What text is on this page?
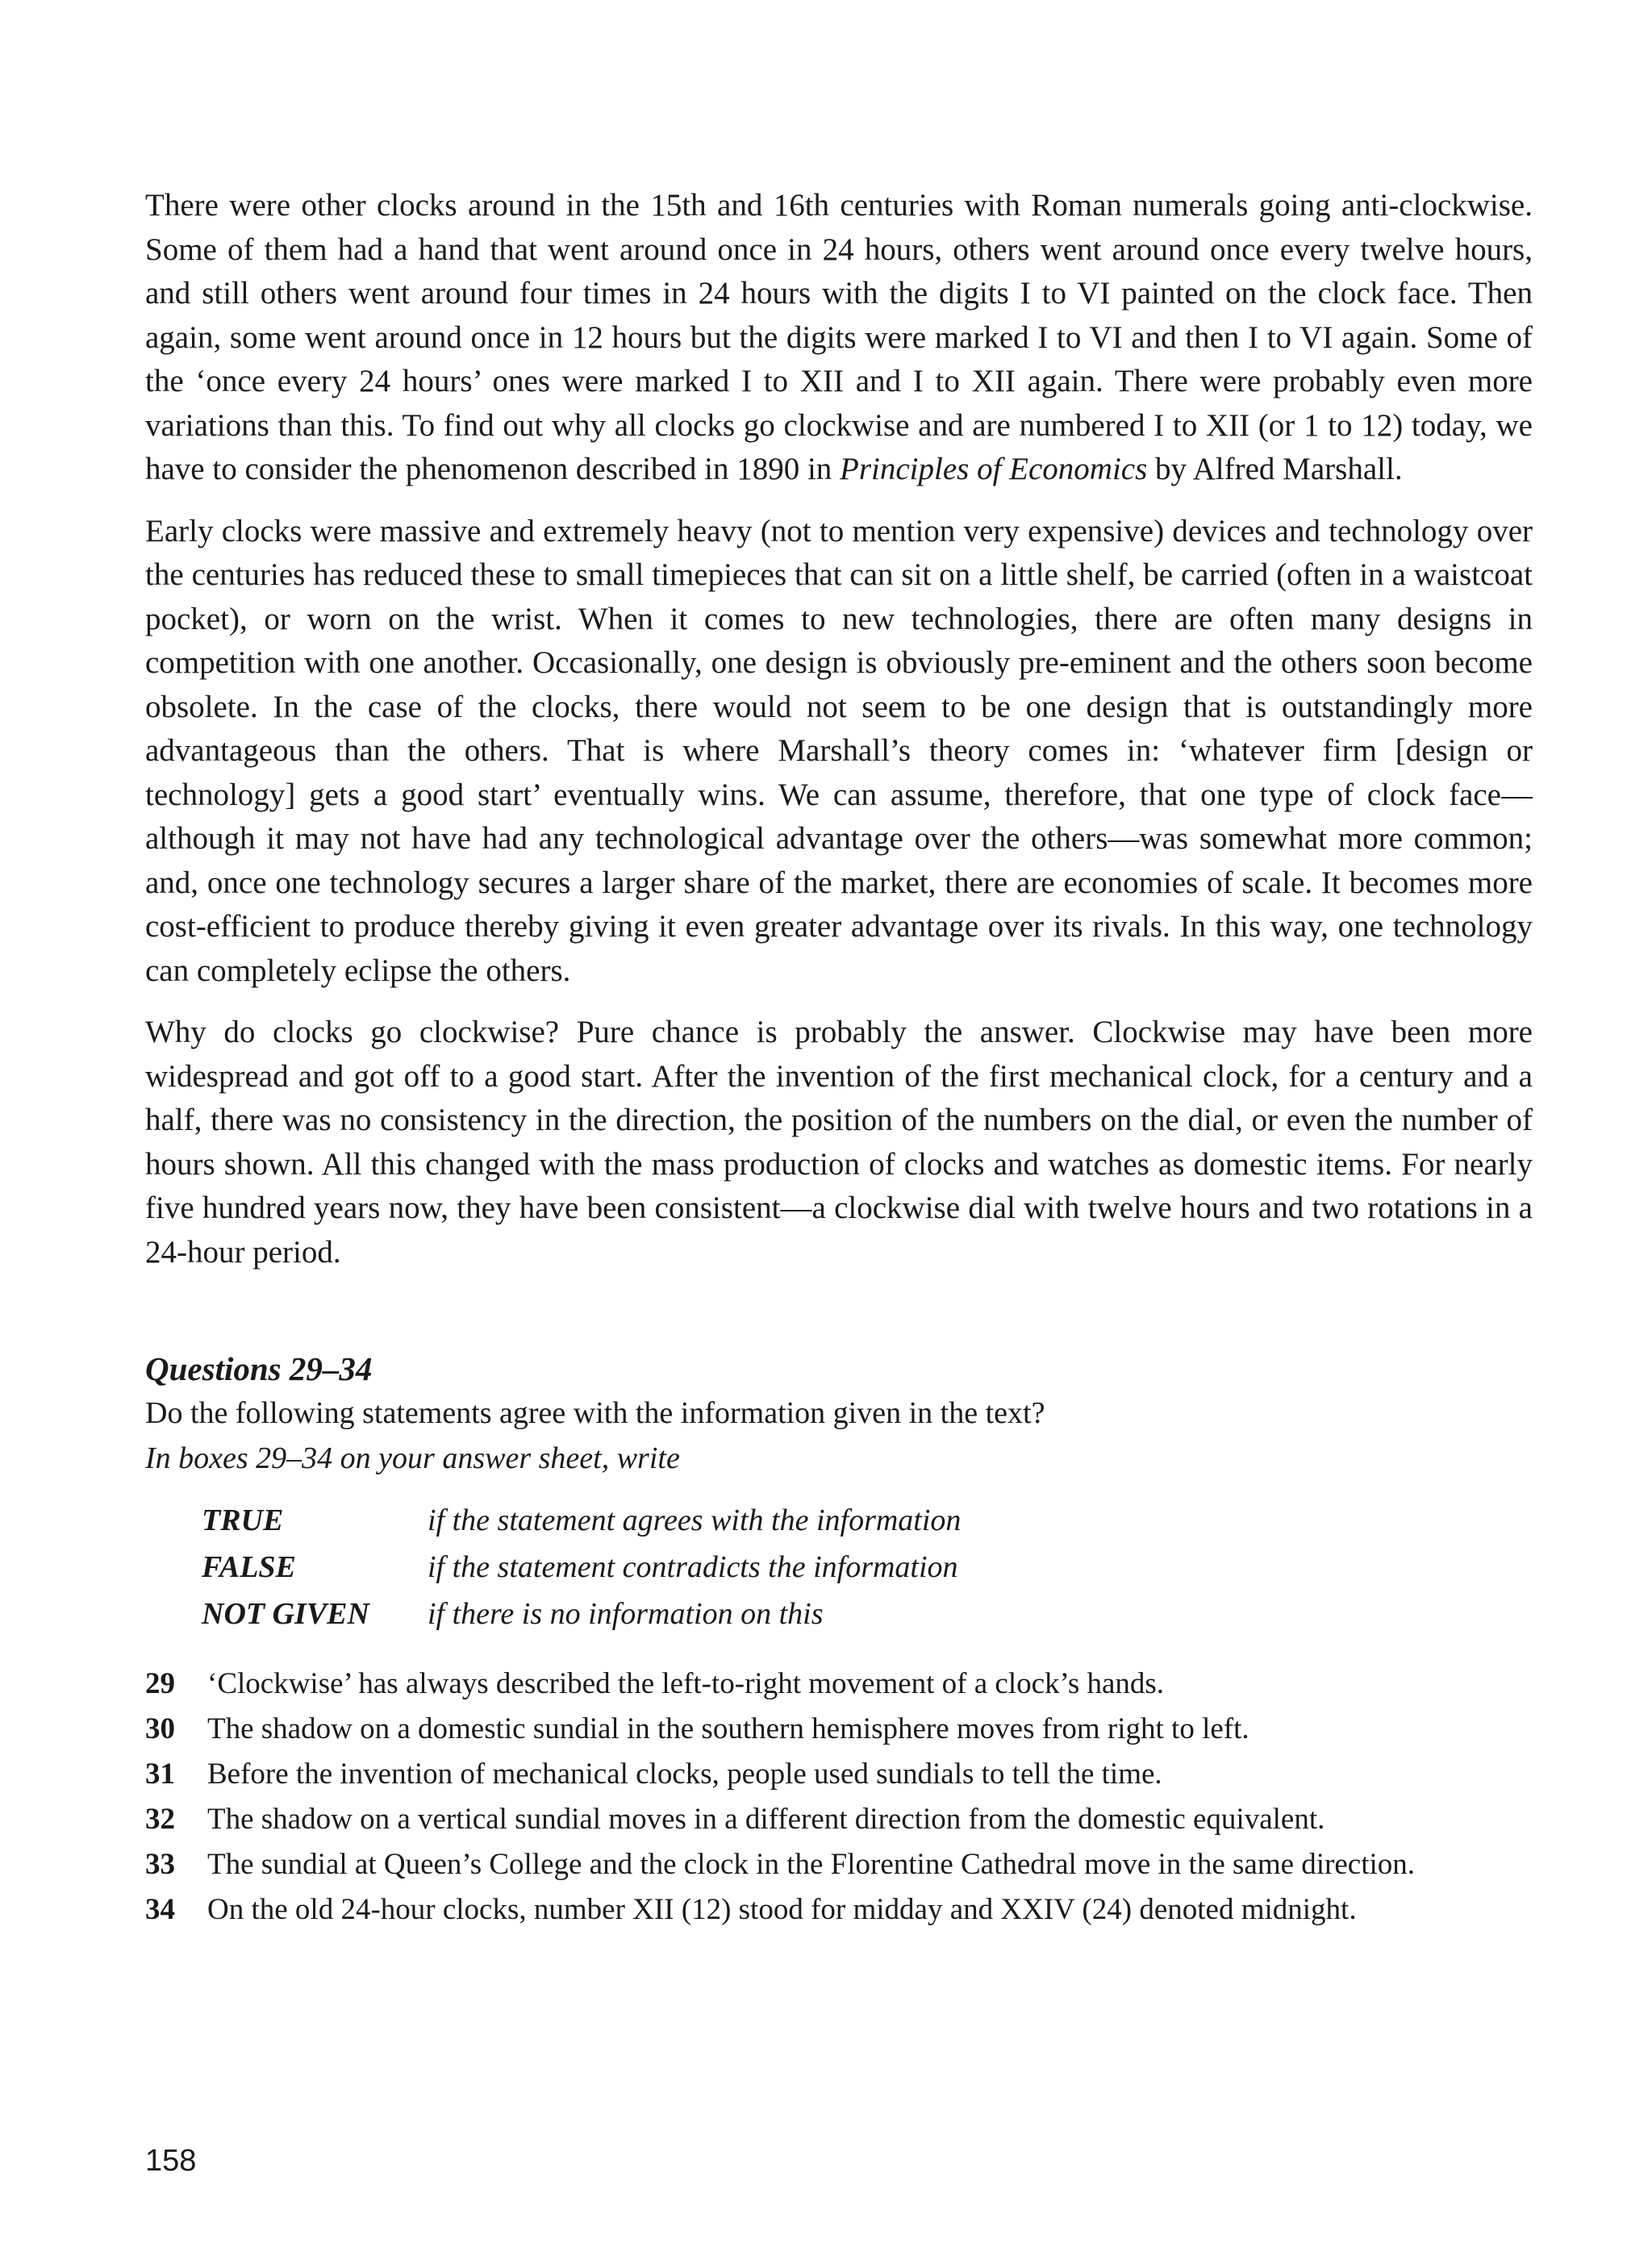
There were other clocks around in the 15th and 16th centuries with Roman numerals going anti-clockwise. Some of them had a hand that went around once in 24 hours, others went around once every twelve hours, and still others went around four times in 24 hours with the digits I to VI painted on the clock face. Then again, some went around once in 12 hours but the digits were marked I to VI and then I to VI again. Some of the ‘once every 24 hours’ ones were marked I to XII and I to XII again. There were probably even more variations than this. To find out why all clocks go clockwise and are numbered I to XII (or 1 to 12) today, we have to consider the phenomenon described in 1890 in Principles of Economics by Alfred Marshall.

Early clocks were massive and extremely heavy (not to mention very expensive) devices and technology over the centuries has reduced these to small timepieces that can sit on a little shelf, be carried (often in a waistcoat pocket), or worn on the wrist. When it comes to new technologies, there are often many designs in competition with one another. Occasionally, one design is obviously pre-eminent and the others soon become obsolete. In the case of the clocks, there would not seem to be one design that is outstandingly more advantageous than the others. That is where Marshall’s theory comes in: ‘whatever firm [design or technology] gets a good start’ eventually wins. We can assume, therefore, that one type of clock face—although it may not have had any technological advantage over the others—was somewhat more common; and, once one technology secures a larger share of the market, there are economies of scale. It becomes more cost-efficient to produce thereby giving it even greater advantage over its rivals. In this way, one technology can completely eclipse the others.

Why do clocks go clockwise? Pure chance is probably the answer. Clockwise may have been more widespread and got off to a good start. After the invention of the first mechanical clock, for a century and a half, there was no consistency in the direction, the position of the numbers on the dial, or even the number of hours shown. All this changed with the mass production of clocks and watches as domestic items. For nearly five hundred years now, they have been consistent—a clockwise dial with twelve hours and two rotations in a 24-hour period.

Questions 29–34

Do the following statements agree with the information given in the text?

In boxes 29–34 on your answer sheet, write

TRUE	if the statement agrees with the information
FALSE	if the statement contradicts the information
NOT GIVEN	if there is no information on this
29	‘Clockwise’ has always described the left-to-right movement of a clock’s hands.
30	The shadow on a domestic sundial in the southern hemisphere moves from right to left.
31	Before the invention of mechanical clocks, people used sundials to tell the time.
32	The shadow on a vertical sundial moves in a different direction from the domestic equivalent.
33	The sundial at Queen’s College and the clock in the Florentine Cathedral move in the same direction.
34	On the old 24-hour clocks, number XII (12) stood for midday and XXIV (24) denoted midnight.
158
